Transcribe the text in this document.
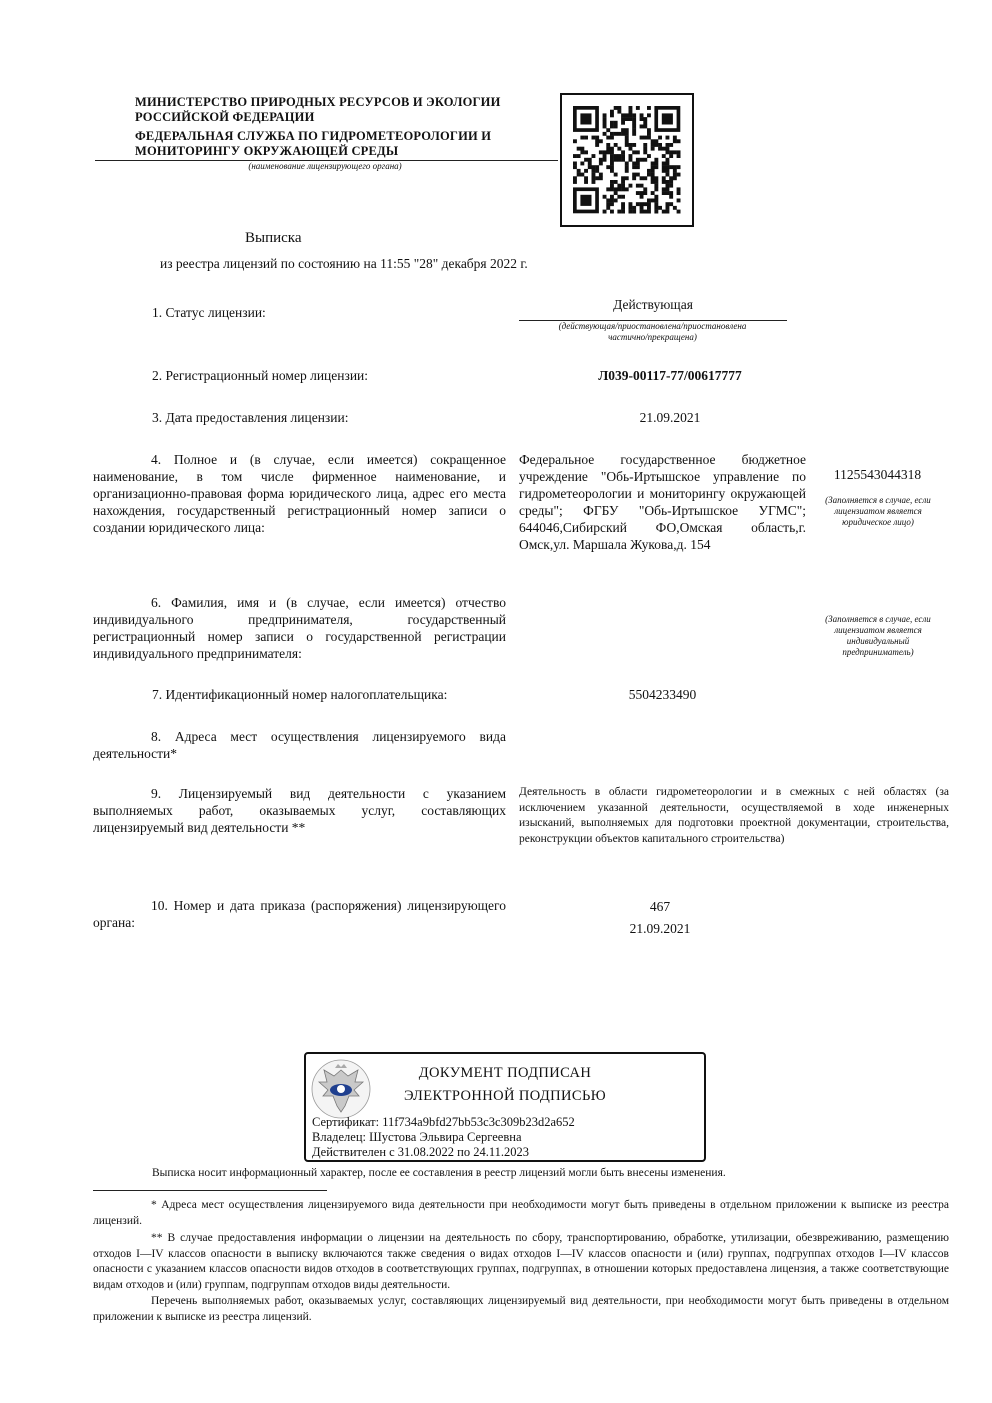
МИНИСТЕРСТВО ПРИРОДНЫХ РЕСУРСОВ И ЭКОЛОГИИ
РОССИЙСКОЙ ФЕДЕРАЦИИ
ФЕДЕРАЛЬНАЯ СЛУЖБА ПО ГИДРОМЕТЕОРОЛОГИИ И
МОНИТОРИНГУ ОКРУЖАЮЩЕЙ СРЕДЫ
(наименование лицензирующего органа)
Выписка
из реестра лицензий по состоянию на 11:55 "28" декабря 2022 г.
1. Статус лицензии:
Действующая
(действующая/приостановлена/приостановлена частично/прекращена)
2. Регистрационный номер лицензии:	Л039-00117-77/00617777
3. Дата предоставления лицензии:	21.09.2021
4. Полное и (в случае, если имеется) сокращенное наименование, в том числе фирменное наименование, и организационно-правовая форма юридического лица, адрес его места нахождения, государственный регистрационный номер записи о создании юридического лица:
Федеральное государственное бюджетное учреждение "Обь-Иртышское управление по гидрометеорологии и мониторингу окружающей среды"; ФГБУ "Обь-Иртышское УГМС"; 644046,Сибирский ФО,Омская область,г. Омск,ул. Маршала Жукова,д. 154
1125543044318
(Заполняется в случае, если лицензиатом является юридическое лицо)
6. Фамилия, имя и (в случае, если имеется) отчество индивидуального предпринимателя, государственный регистрационный номер записи о государственной регистрации индивидуального предпринимателя:
(Заполняется в случае, если лицензиатом является индивидуальный предприниматель)
7. Идентификационный номер налогоплательщика:	5504233490
8. Адреса мест осуществления лицензируемого вида деятельности*
9. Лицензируемый вид деятельности с указанием выполняемых работ, оказываемых услуг, составляющих лицензируемый вид деятельности **
Деятельность в области гидрометеорологии и в смежных с ней областях (за исключением указанной деятельности, осуществляемой в ходе инженерных изысканий, выполняемых для подготовки проектной документации, строительства, реконструкции объектов капитального строительства)
10. Номер и дата приказа (распоряжения) лицензирующего органа:
467
21.09.2021
ДОКУМЕНТ ПОДПИСАН
ЭЛЕКТРОННОЙ ПОДПИСЬЮ
Сертификат: 11f734a9bfd27bb53c3c309b23d2a652
Владелец: Шустова Эльвира Сергеевна
Действителен с 31.08.2022 по 24.11.2023
Выписка носит информационный характер, после ее составления в реестр лицензий могли быть внесены изменения.
* Адреса мест осуществления лицензируемого вида деятельности при необходимости могут быть приведены в отдельном приложении к выписке из реестра лицензий.
** В случае предоставления информации о лицензии на деятельность по сбору, транспортированию, обработке, утилизации, обезвреживанию, размещению отходов I—IV классов опасности в выписку включаются также сведения о видах отходов I—IV классов опасности и (или) группах, подгруппах отходов I—IV классов опасности с указанием классов опасности видов отходов в соответствующих группах, подгруппах, в отношении которых предоставлена лицензия, а также соответствующие видам отходов и (или) группам, подгруппам отходов виды деятельности.
Перечень выполняемых работ, оказываемых услуг, составляющих лицензируемый вид деятельности, при необходимости могут быть приведены в отдельном приложении к выписке из реестра лицензий.
